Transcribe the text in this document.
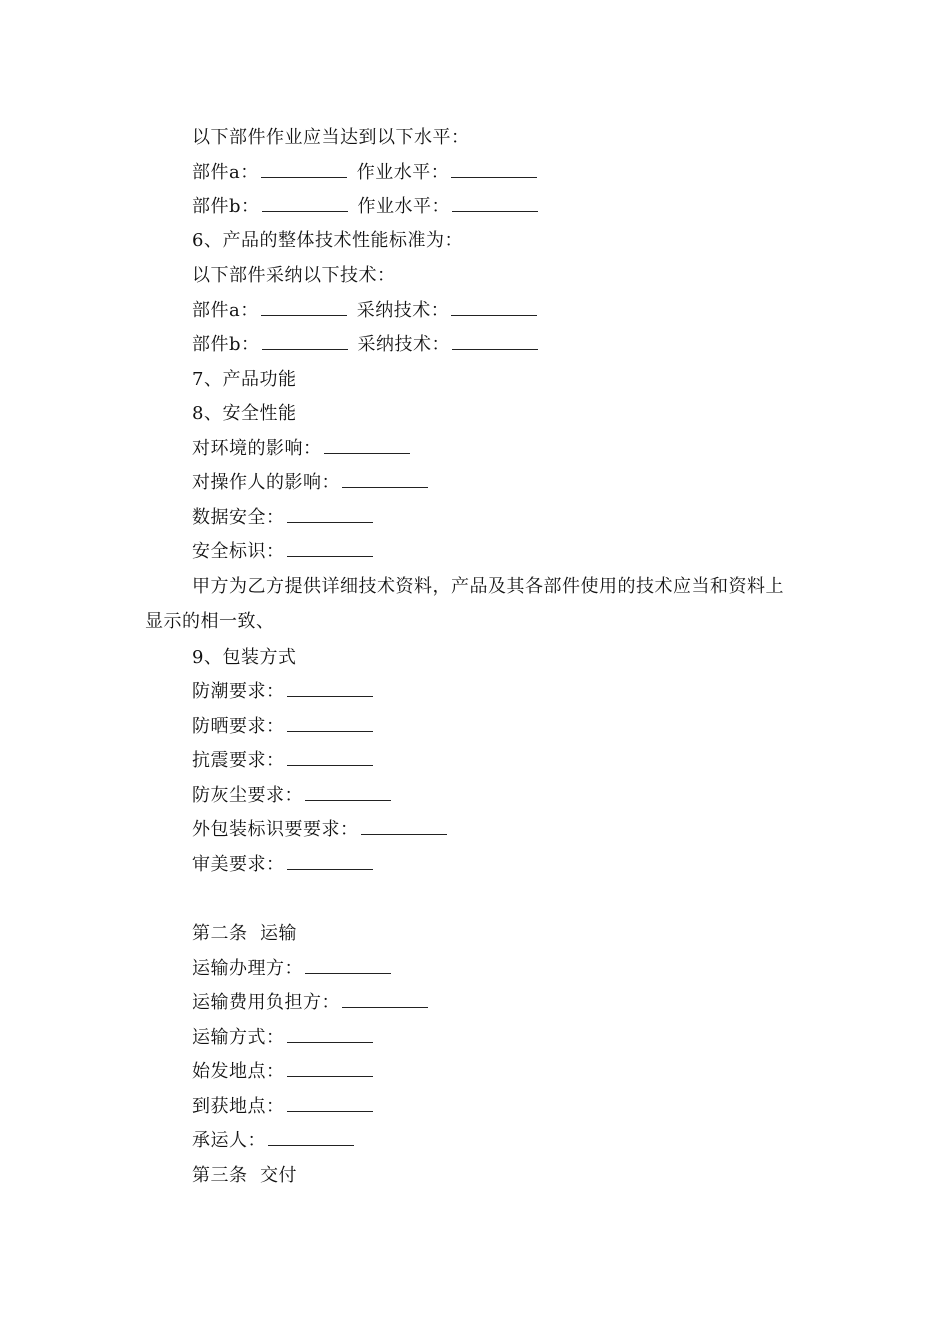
以下部件作业应当达到以下水平：
部件a：	作业水平：
部件b：	作业水平：
6、产品的整体技术性能标准为：
以下部件采纳以下技术：
部件a：	采纳技术：
部件b：	采纳技术：
7、产品功能
8、安全性能
对环境的影响：
对操作人的影响：
数据安全：
安全标识：
甲方为乙方提供详细技术资料，产品及其各部件使用的技术应当和资料上
显示的相一致、
9、包装方式
防潮要求：
防晒要求：
抗震要求：
防灰尘要求：
外包装标识要要求：
审美要求：
第二条  运输
运输办理方：
运输费用负担方：
运输方式：
始发地点：
到获地点：
承运人：
第三条  交付
